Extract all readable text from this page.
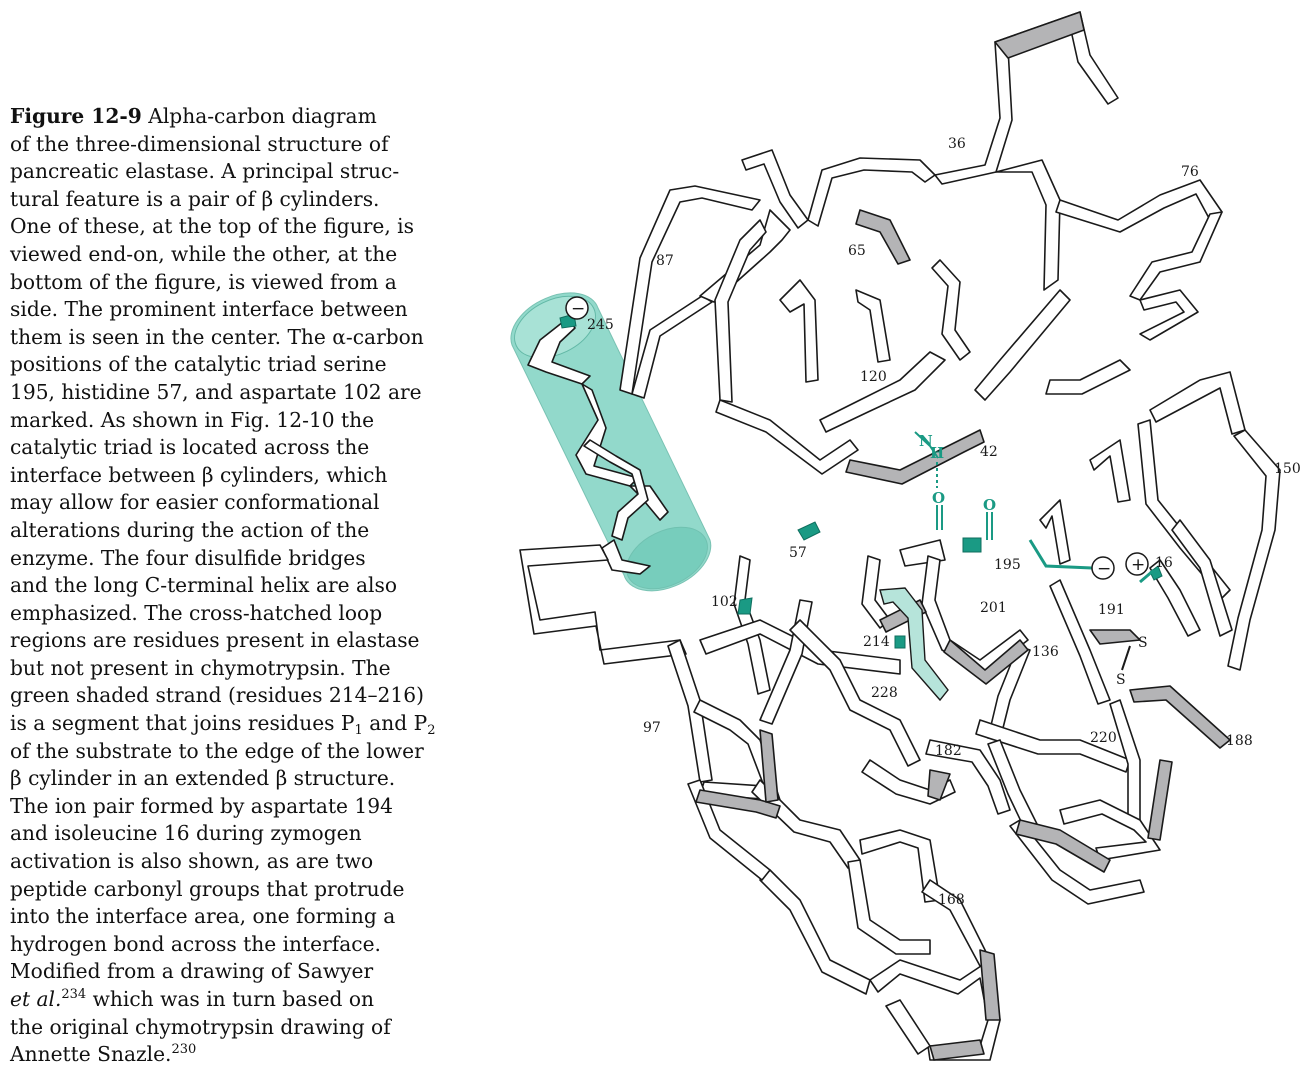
Figure 12-9 Alpha-carbon diagram
of the three-dimensional structure of
pancreatic elastase. A principal struc-
tural feature is a pair of β cylinders.
One of these, at the top of the figure, is
viewed end-on, while the other, at the
bottom of the figure, is viewed from a
side. The prominent interface between
them is seen in the center. The α-carbon
positions of the catalytic triad serine
195, histidine 57, and aspartate 102 are
marked. As shown in Fig. 12-10 the
catalytic triad is located across the
interface between β cylinders, which
may allow for easier conformational
alterations during the action of the
enzyme. The four disulfide bridges
and the long C-terminal helix are also
emphasized. The cross-hatched loop
regions are residues present in elastase
but not present in chymotrypsin. The
green shaded strand (residues 214–216)
is a segment that joins residues $P_1$ and $P_2$
of the substrate to the edge of the lower
β cylinder in an extended β structure.
The ion pair formed by aspartate 194
and isoleucine 16 during zymogen
activation is also shown, as are two
peptide carbonyl groups that protrude
into the interface area, one forming a
hydrogen bond across the interface.
Modified from a drawing of Sawyer
et al.$^{234}$ which was in turn based on
the original chymotrypsin drawing of
Annette Snazle.$^{230}$
N
H
O	O
S
S
−
− +
36
76
65
87
245
120
42
150
57
195	16
102	201	191
214
136
228
97
220	188
182
168
